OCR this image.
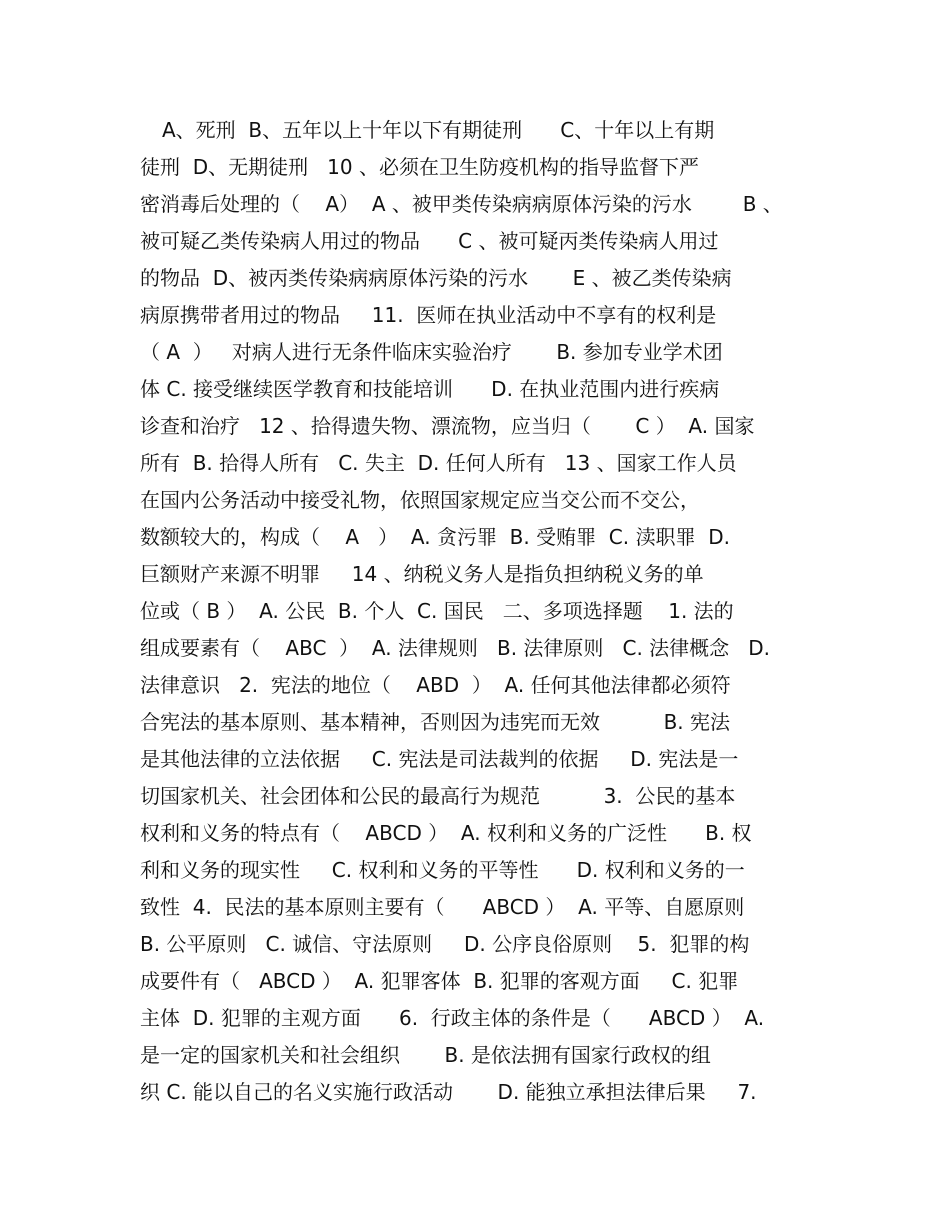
A、死刑  B、五年以上十年以下有期徒刑      C、十年以上有期
徒刑  D、无期徒刑   10 、必须在卫生防疫机构的指导监督下严
密消毒后处理的（    A）  A 、被甲类传染病病原体污染的污水        B 、
被可疑乙类传染病人用过的物品      C 、被可疑丙类传染病人用过
的物品  D、被丙类传染病病原体污染的污水       E 、被乙类传染病
病原携带者用过的物品     11.  医师在执业活动中不享有的权利是
（ A  ）   对病人进行无条件临床实验治疗       B. 参加专业学术团
体 C. 接受继续医学教育和技能培训      D. 在执业范围内进行疾病
诊查和治疗   12 、拾得遗失物、漂流物，应当归（       C ）  A. 国家
所有  B. 拾得人所有   C. 失主  D. 任何人所有   13 、国家工作人员
在国内公务活动中接受礼物，依照国家规定应当交公而不交公，
数额较大的，构成（    A   ）  A. 贪污罪  B. 受贿罪  C. 渎职罪  D.
巨额财产来源不明罪     14 、纳税义务人是指负担纳税义务的单
位或（ B ）  A. 公民  B. 个人  C. 国民   二、多项选择题    1. 法的
组成要素有（    ABC  ）  A. 法律规则   B. 法律原则   C. 法律概念   D.
法律意识   2.  宪法的地位（    ABD  ）  A. 任何其他法律都必须符
合宪法的基本原则、基本精神，否则因为违宪而无效          B. 宪法
是其他法律的立法依据     C. 宪法是司法裁判的依据     D. 宪法是一
切国家机关、社会团体和公民的最高行为规范          3.  公民的基本
权利和义务的特点有（    ABCD ）  A. 权利和义务的广泛性      B. 权
利和义务的现实性     C. 权利和义务的平等性      D. 权利和义务的一
致性  4.  民法的基本原则主要有（      ABCD ）  A. 平等、自愿原则
B. 公平原则   C. 诚信、守法原则     D. 公序良俗原则    5.  犯罪的构
成要件有（   ABCD ）  A. 犯罪客体  B. 犯罪的客观方面     C. 犯罪
主体  D. 犯罪的主观方面      6.  行政主体的条件是（      ABCD ）  A.
是一定的国家机关和社会组织       B. 是依法拥有国家行政权的组
织 C. 能以自己的名义实施行政活动       D. 能独立承担法律后果     7.
